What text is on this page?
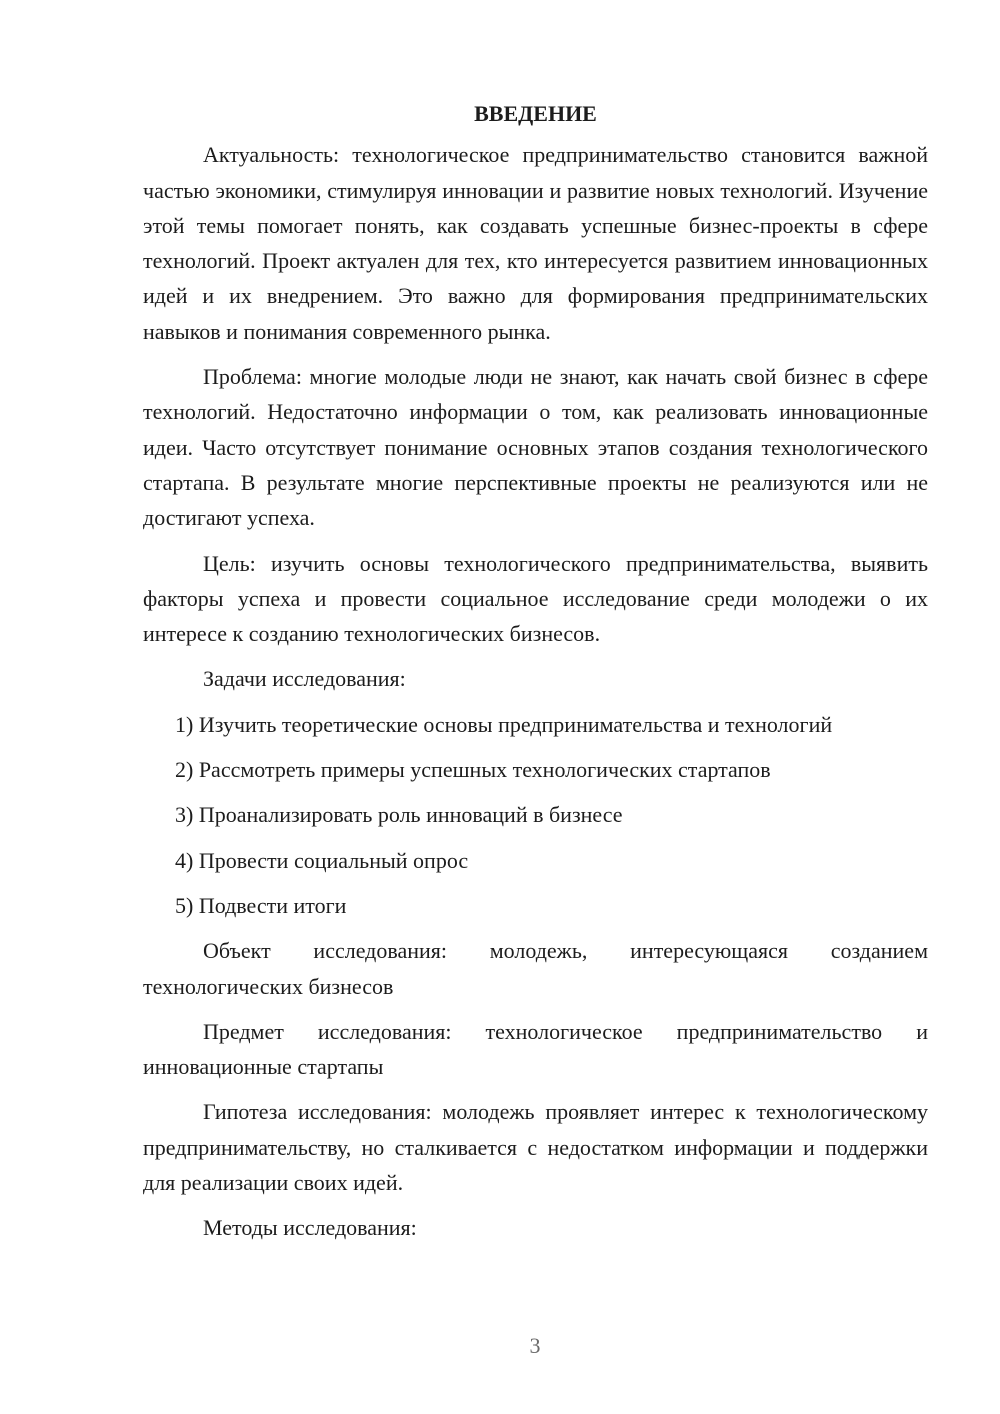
ВВЕДЕНИЕ

Актуальность: технологическое предпринимательство становится важной частью экономики, стимулируя инновации и развитие новых технологий. Изучение этой темы помогает понять, как создавать успешные бизнес-проекты в сфере технологий. Проект актуален для тех, кто интересуется развитием инновационных идей и их внедрением. Это важно для формирования предпринимательских навыков и понимания современного рынка.

Проблема: многие молодые люди не знают, как начать свой бизнес в сфере технологий. Недостаточно информации о том, как реализовать инновационные идеи. Часто отсутствует понимание основных этапов создания технологического стартапа. В результате многие перспективные проекты не реализуются или не достигают успеха.

Цель: изучить основы технологического предпринимательства, выявить факторы успеха и провести социальное исследование среди молодежи о их интересе к созданию технологических бизнесов.

Задачи исследования:

1) Изучить теоретические основы предпринимательства и технологий
2) Рассмотреть примеры успешных технологических стартапов
3) Проанализировать роль инноваций в бизнесе
4) Провести социальный опрос
5) Подвести итоги

Объект исследования: молодежь, интересующаяся созданием технологических бизнесов

Предмет исследования: технологическое предпринимательство и инновационные стартапы

Гипотеза исследования: молодежь проявляет интерес к технологическому предпринимательству, но сталкивается с недостатком информации и поддержки для реализации своих идей.

Методы исследования:

3
